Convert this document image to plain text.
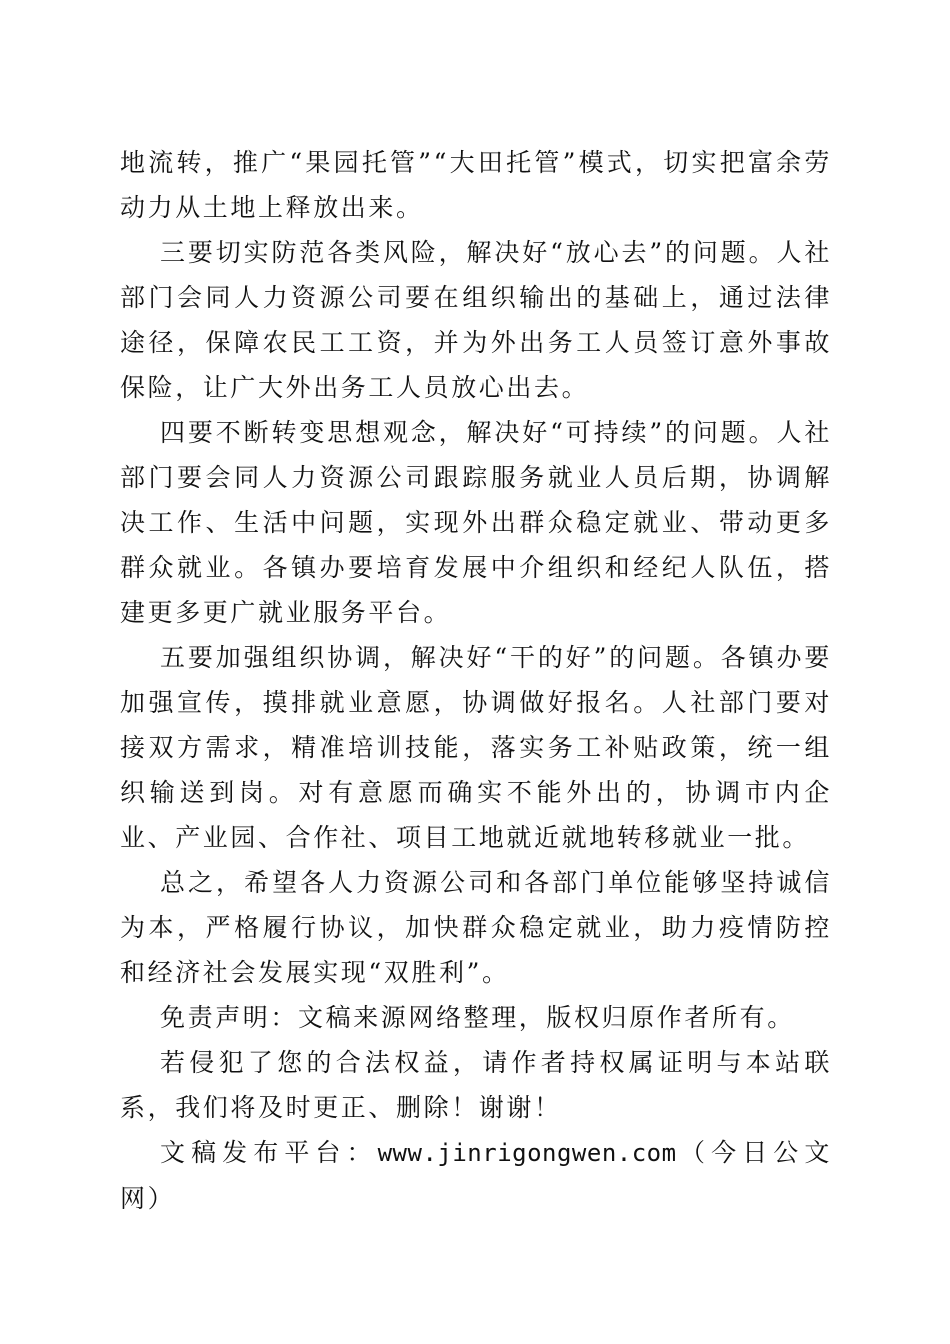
地流转，推广“果园托管”“大田托管”模式，切实把富余劳动力从土地上释放出来。

三要切实防范各类风险，解决好“放心去”的问题。人社部门会同人力资源公司要在组织输出的基础上，通过法律途径，保障农民工工资，并为外出务工人员签订意外事故保险，让广大外出务工人员放心出去。

四要不断转变思想观念，解决好“可持续”的问题。人社部门要会同人力资源公司跟踪服务就业人员后期，协调解决工作、生活中问题，实现外出群众稳定就业、带动更多群众就业。各镇办要培育发展中介组织和经纪人队伍，搭建更多更广就业服务平台。

五要加强组织协调，解决好“干的好”的问题。各镇办要加强宣传，摸排就业意愿，协调做好报名。人社部门要对接双方需求，精准培训技能，落实务工补贴政策，统一组织输送到岗。对有意愿而确实不能外出的，协调市内企业、产业园、合作社、项目工地就近就地转移就业一批。

总之，希望各人力资源公司和各部门单位能够坚持诚信为本，严格履行协议，加快群众稳定就业，助力疫情防控和经济社会发展实现“双胜利”。

免责声明：文稿来源网络整理，版权归原作者所有。

若侵犯了您的合法权益，请作者持权属证明与本站联系，我们将及时更正、删除！谢谢！

文稿发布平台：www.jinrigongwen.com（今日公文网）
